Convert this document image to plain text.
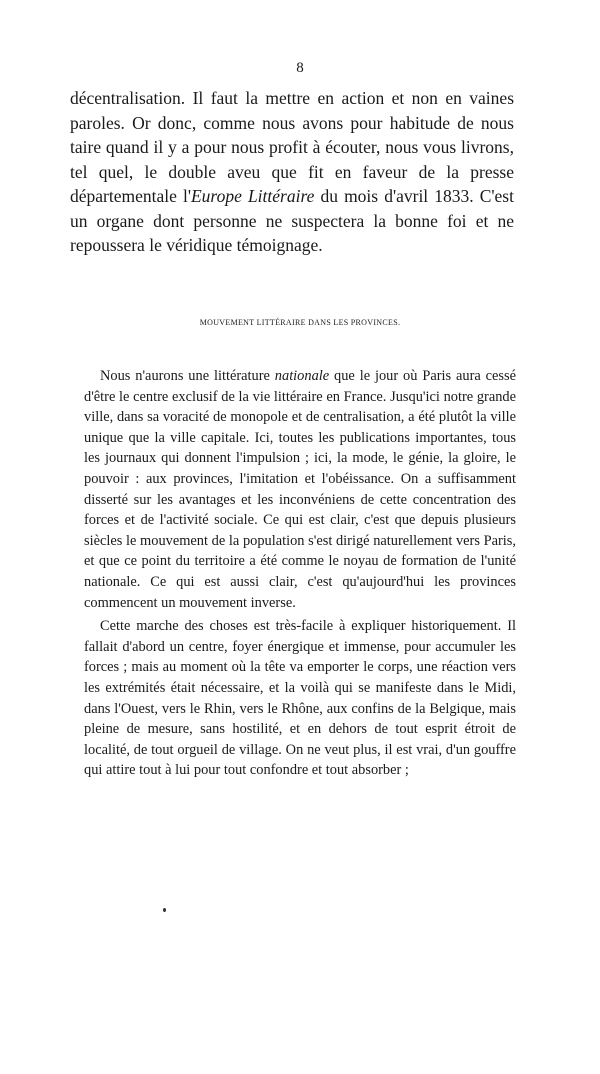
8

décentralisation. Il faut la mettre en action et non en vaines paroles. Or donc, comme nous avons pour habitude de nous taire quand il y a pour nous profit à écouter, nous vous livrons, tel quel, le double aveu que fit en faveur de la presse départementale l'Europe Littéraire du mois d'avril 1833. C'est un organe dont personne ne suspectera la bonne foi et ne repoussera le véridique témoignage.

MOUVEMENT LITTÉRAIRE DANS LES PROVINCES.

Nous n'aurons une littérature nationale que le jour où Paris aura cessé d'être le centre exclusif de la vie littéraire en France. Jusqu'ici notre grande ville, dans sa voracité de monopole et de centralisation, a été plutôt la ville unique que la ville capitale. Ici, toutes les publications importantes, tous les journaux qui donnent l'impulsion ; ici, la mode, le génie, la gloire, le pouvoir : aux provinces, l'imitation et l'obéissance. On a suffisamment disserté sur les avantages et les inconvéniens de cette concentration des forces et de l'activité sociale. Ce qui est clair, c'est que depuis plusieurs siècles le mouvement de la population s'est dirigé naturellement vers Paris, et que ce point du territoire a été comme le noyau de formation de l'unité nationale. Ce qui est aussi clair, c'est qu'aujourd'hui les provinces commencent un mouvement inverse.

Cette marche des choses est très-facile à expliquer historiquement. Il fallait d'abord un centre, foyer énergique et immense, pour accumuler les forces ; mais au moment où la tête va emporter le corps, une réaction vers les extrémités était nécessaire, et la voilà qui se manifeste dans le Midi, dans l'Ouest, vers le Rhin, vers le Rhône, aux confins de la Belgique, mais pleine de mesure, sans hostilité, et en dehors de tout esprit étroit de localité, de tout orgueil de village. On ne veut plus, il est vrai, d'un gouffre qui attire tout à lui pour tout confondre et tout absorber ;
